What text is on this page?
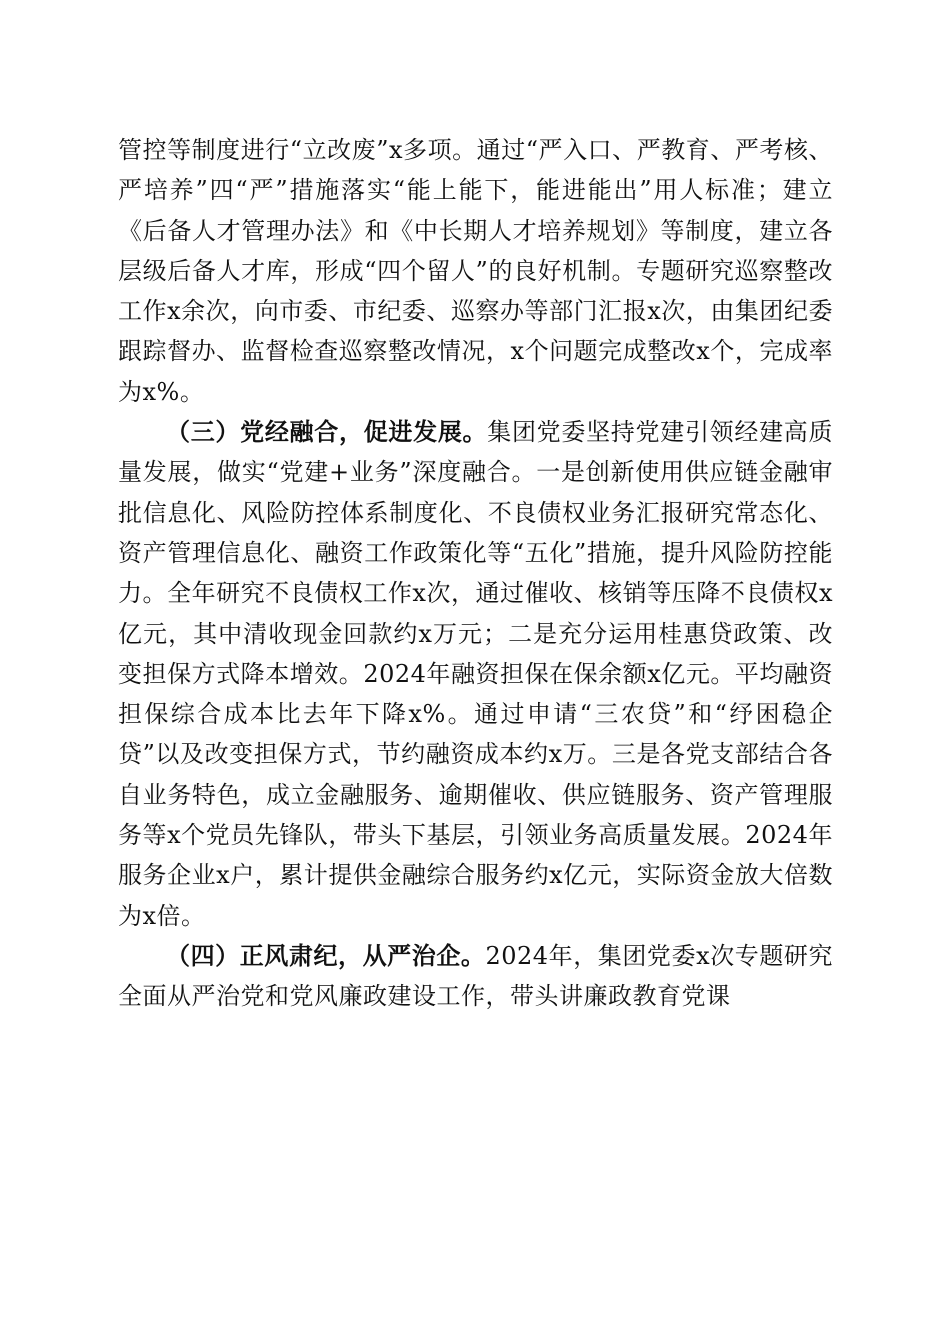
管控等制度进行“立改废”x多项。通过“严入口、严教育、严考核、严培养”四“严”措施落实“能上能下，能进能出”用人标准；建立《后备人才管理办法》和《中长期人才培养规划》等制度，建立各层级后备人才库，形成“四个留人”的良好机制。专题研究巡察整改工作x余次，向市委、市纪委、巡察办等部门汇报x次，由集团纪委跟踪督办、监督检查巡察整改情况，x个问题完成整改x个，完成率为x%。

（三）党经融合，促进发展。集团党委坚持党建引领经建高质量发展，做实“党建+业务”深度融合。一是创新使用供应链金融审批信息化、风险防控体系制度化、不良债权业务汇报研究常态化、资产管理信息化、融资工作政策化等“五化”措施，提升风险防控能力。全年研究不良债权工作x次，通过催收、核销等压降不良债权x亿元，其中清收现金回款约x万元；二是充分运用桂惠贷政策、改变担保方式降本增效。2024年融资担保在保余额x亿元。平均融资担保综合成本比去年下降x%。通过申请“三农贷”和“纾困稳企贷”以及改变担保方式，节约融资成本约x万。三是各党支部结合各自业务特色，成立金融服务、逾期催收、供应链服务、资产管理服务等x个党员先锋队，带头下基层，引领业务高质量发展。2024年服务企业x户，累计提供金融综合服务约x亿元，实际资金放大倍数为x倍。

（四）正风肃纪，从严治企。2024年，集团党委x次专题研究全面从严治党和党风廉政建设工作，带头讲廉政教育党课
